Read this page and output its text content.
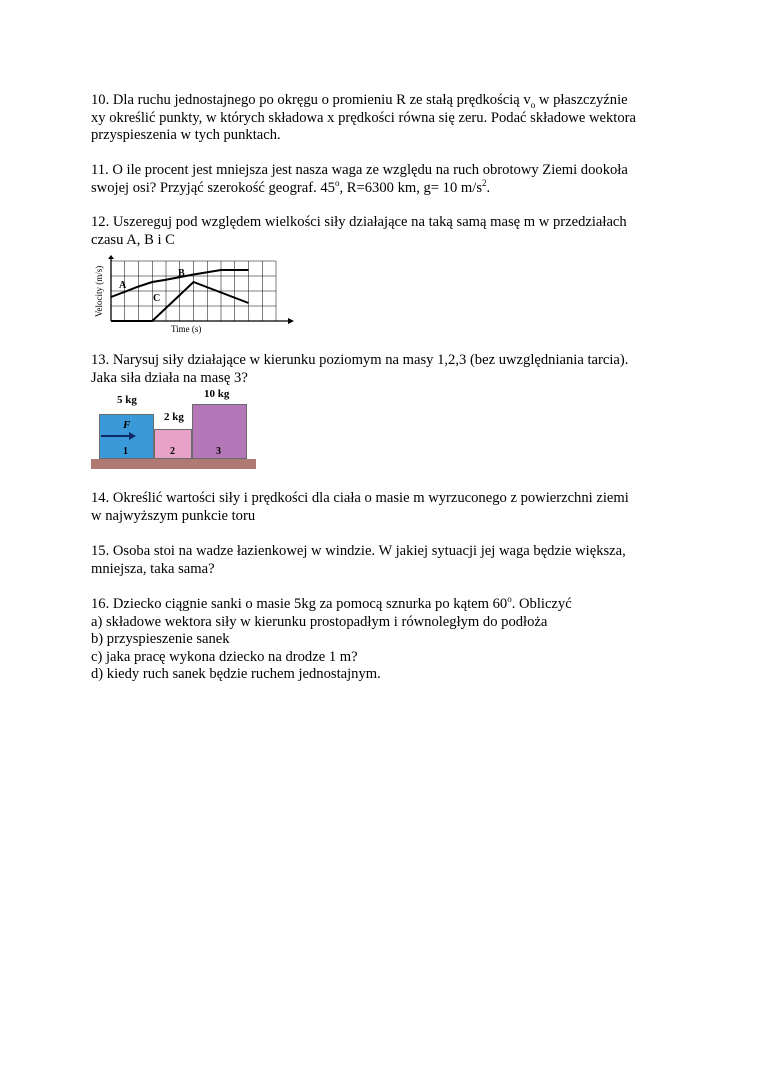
10. Dla ruchu jednostajnego po okręgu o promieniu R ze stałą prędkością $v_o$ w płaszczyźnie
xy określić punkty, w których składowa x prędkości równa się zeru. Podać składowe wektora
przyspieszenia w tych punktach.
11. O ile procent jest mniejsza jest nasza waga ze względu na ruch obrotowy Ziemi dookoła
swojej osi? Przyjąć szerokość geograf. 45$^o$, R=6300 km, g= 10 $m/s^2$.
12. Uszereguj pod względem wielkości siły działające na taką samą masę m w przedziałach
czasu A, B i C
Velocity (m/s)
Time (s)
A
B
C
13. Narysuj siły działające w kierunku poziomym na masy 1,2,3 (bez uwzględniania tarcia).
Jaka siła działa na masę 3?
5 kg
2 kg
10 kg
F
1	2	3
14. Określić wartości siły i prędkości dla ciała o masie m wyrzuconego z powierzchni ziemi
w najwyższym punkcie toru
15. Osoba stoi na wadze łazienkowej w windzie. W jakiej sytuacji jej waga będzie większa,
mniejsza, taka sama?
16. Dziecko ciągnie sanki o masie 5kg za pomocą sznurka po kątem 60$^o$. Obliczyć
a) składowe wektora siły w kierunku prostopadłym i równoległym do podłoża
b) przyspieszenie sanek
c) jaka pracę wykona dziecko na drodze 1 m?
d) kiedy ruch sanek będzie ruchem jednostajnym.
